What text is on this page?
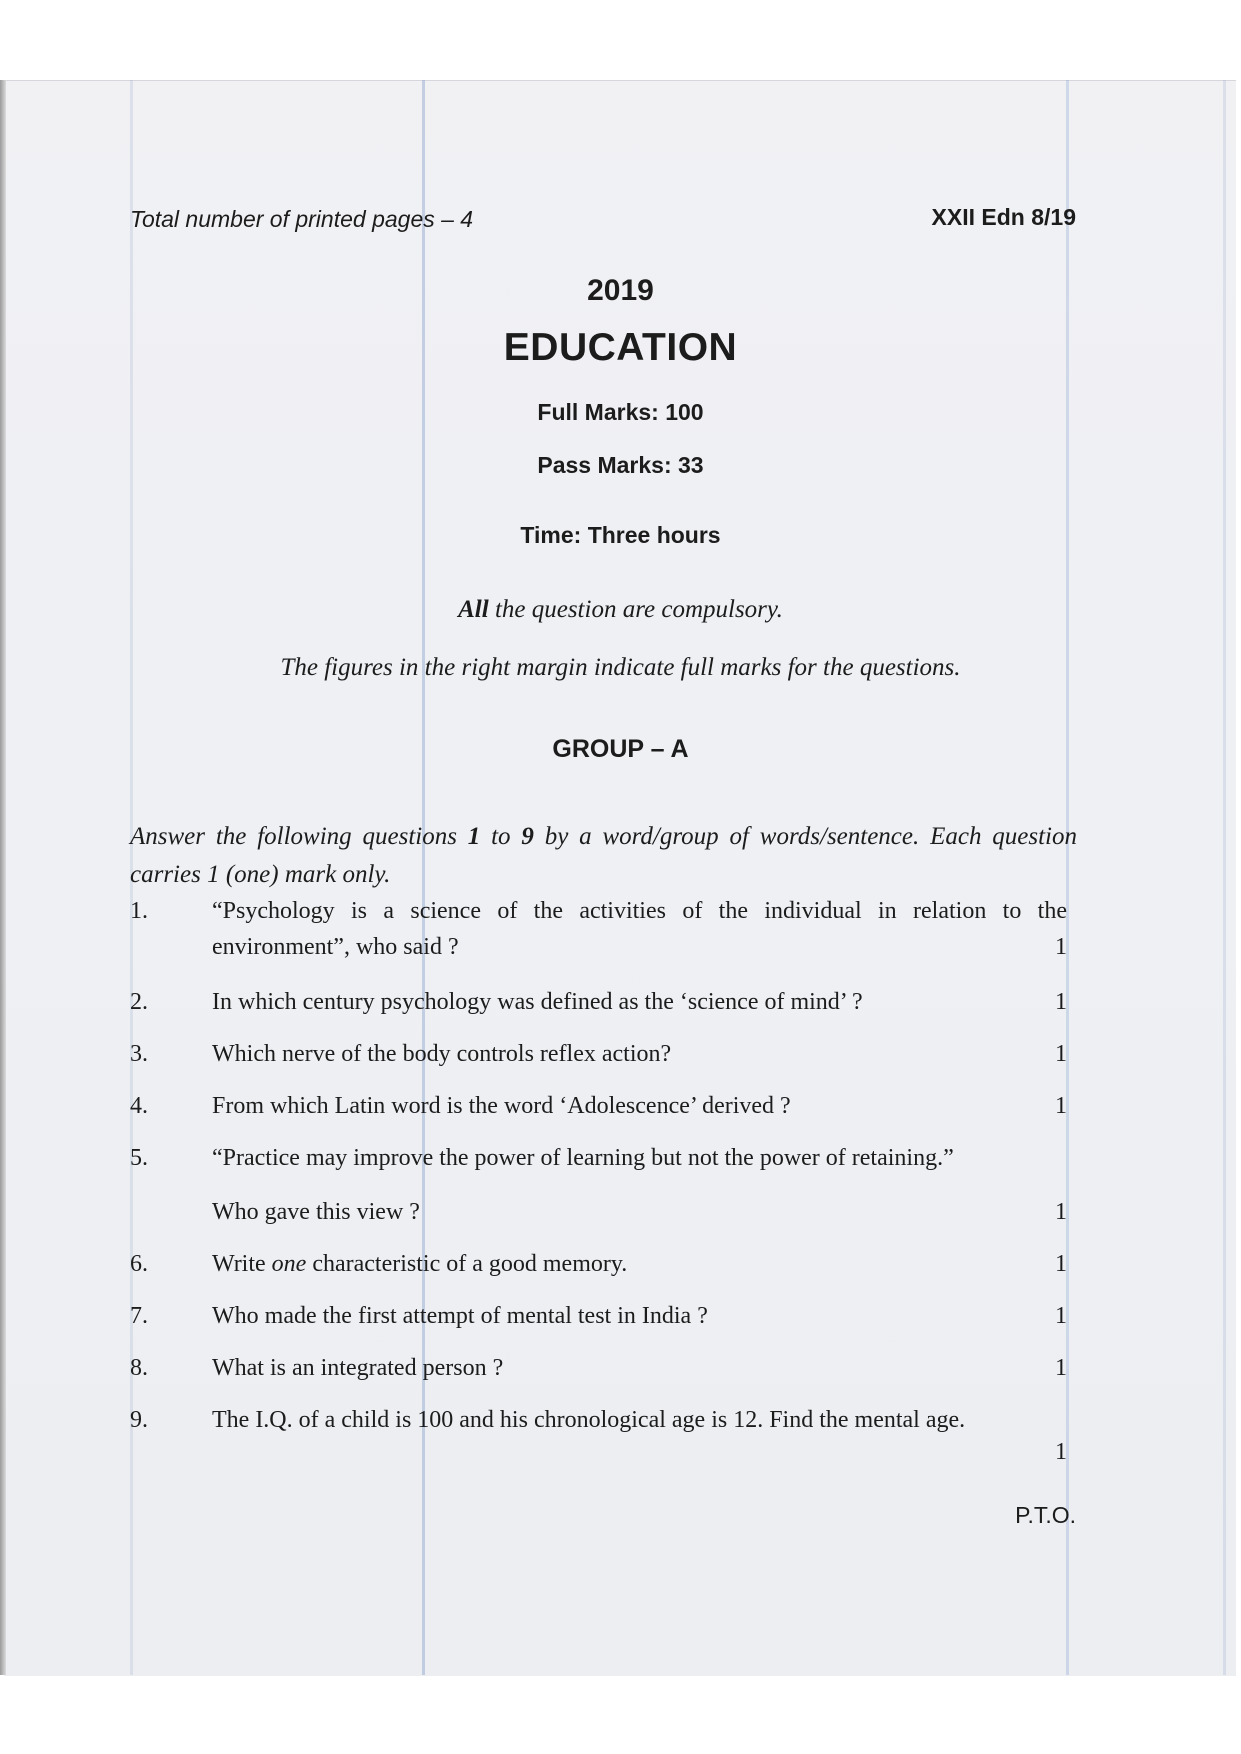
Total number of printed pages – 4	XXII Edn 8/19
2019
EDUCATION
Full Marks: 100
Pass Marks: 33
Time: Three hours
All the question are compulsory.
The figures in the right margin indicate full marks for the questions.
GROUP – A
Answer the following questions 1 to 9 by a word/group of words/sentence. Each question carries 1 (one) mark only.
1.	“Psychology is a science of the activities of the individual in relation to the environment”, who said ?	1
2.	In which century psychology was defined as the ‘science of mind’ ?	1
3.	Which nerve of the body controls reflex action?	1
4.	From which Latin word is the word ‘Adolescence’ derived ?	1
5.	“Practice may improve the power of learning but not the power of retaining.”
Who gave this view ?	1
6.	Write one characteristic of a good memory.	1
7.	Who made the first attempt of mental test in India ?	1
8.	What is an integrated person ?	1
9.	The I.Q. of a child is 100 and his chronological age is 12. Find the mental age.
1
P.T.O.
